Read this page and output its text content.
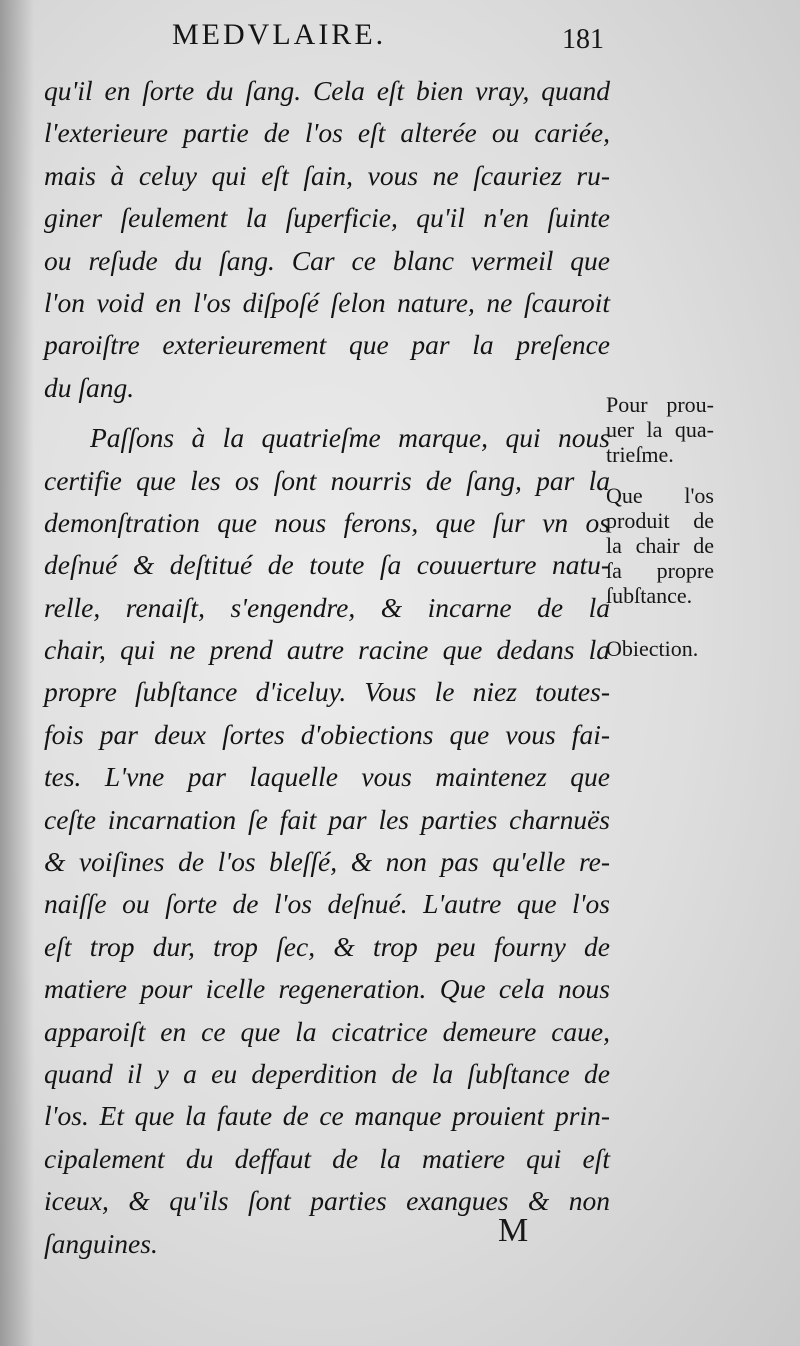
MEDVLAIRE.	181
qu'il en ſorte du ſang. Cela eſt bien vray, quand
l'exterieure partie de l'os eſt alterée ou cariée,
mais à celuy qui eſt ſain, vous ne ſcauriez ru-
giner ſeulement la ſuperficie, qu'il n'en ſuinte
ou reſude du ſang. Car ce blanc vermeil que
l'on void en l'os diſpoſé ſelon nature, ne ſcauroit
paroiſtre exterieurement que par la preſence
du ſang.
Paſſons à la quatrieſme marque, qui nous
certifie que les os ſont nourris de ſang, par la
demonſtration que nous ferons, que ſur vn os
deſnué & deſtitué de toute ſa couuerture natu-
relle, renaiſt, s'engendre, & incarne de la
chair, qui ne prend autre racine que dedans la
propre ſubſtance d'iceluy. Vous le niez toutes-
fois par deux ſortes d'obiections que vous fai-
tes. L'vne par laquelle vous maintenez que
ceſte incarnation ſe fait par les parties charnuës
& voiſines de l'os bleſſé, & non pas qu'elle re-
naiſſe ou ſorte de l'os deſnué. L'autre que l'os
eſt trop dur, trop ſec, & trop peu fourny de
matiere pour icelle regeneration. Que cela nous
apparoiſt en ce que la cicatrice demeure caue,
quand il y a eu deperdition de la ſubſtance de
l'os. Et que la faute de ce manque prouient prin-
cipalement du deffaut de la matiere qui eſt
iceux, & qu'ils ſont parties exangues & non
ſanguines.
Pour prou-
uer la qua-
trieſme.
Que l'os
produit de
la chair de
ſa propre
ſubſtance.
Obiection.
M
